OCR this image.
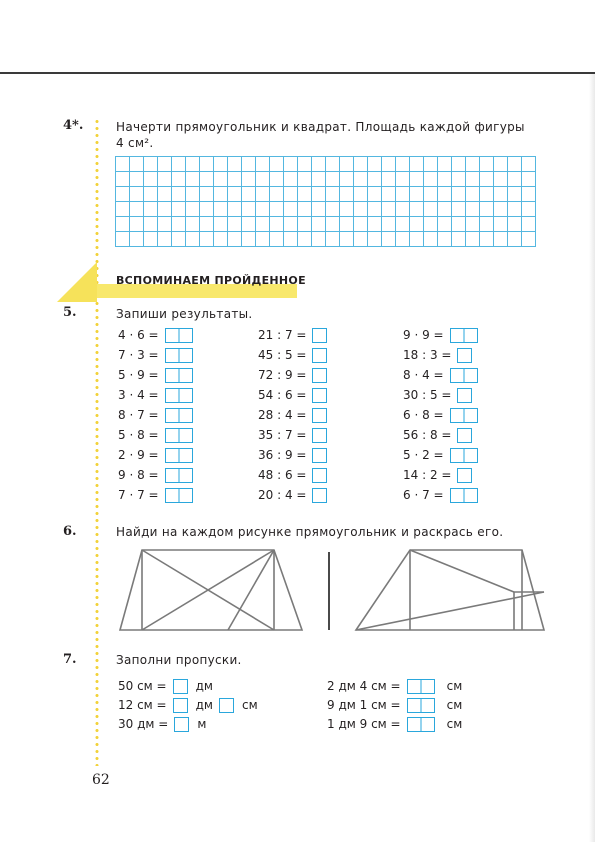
4*.	Начерти прямоугольник и квадрат. Площадь каждой фигуры
4 см².
ВСПОМИНАЕМ ПРОЙДЕННОЕ
5.	Запиши результаты.
4 · 6 =
7 · 3 =
5 · 9 =
3 · 4 =
8 · 7 =
5 · 8 =
2 · 9 =
9 · 8 =
7 · 7 =
21 : 7 =
45 : 5 =
72 : 9 =
54 : 6 =
28 : 4 =
35 : 7 =
36 : 9 =
48 : 6 =
20 : 4 =
9 · 9 =
18 : 3 =
8 · 4 =
30 : 5 =
6 · 8 =
56 : 8 =
5 · 2 =
14 : 2 =
6 · 7 =
6.	Найди на каждом рисунке прямоугольник и раскрась его.
7.	Заполни пропуски.
50 см = дм
12 см = дм см
30 дм = м
2 дм 4 см =	см
9 дм 1 см =	см
1 дм 9 см =	см
62
